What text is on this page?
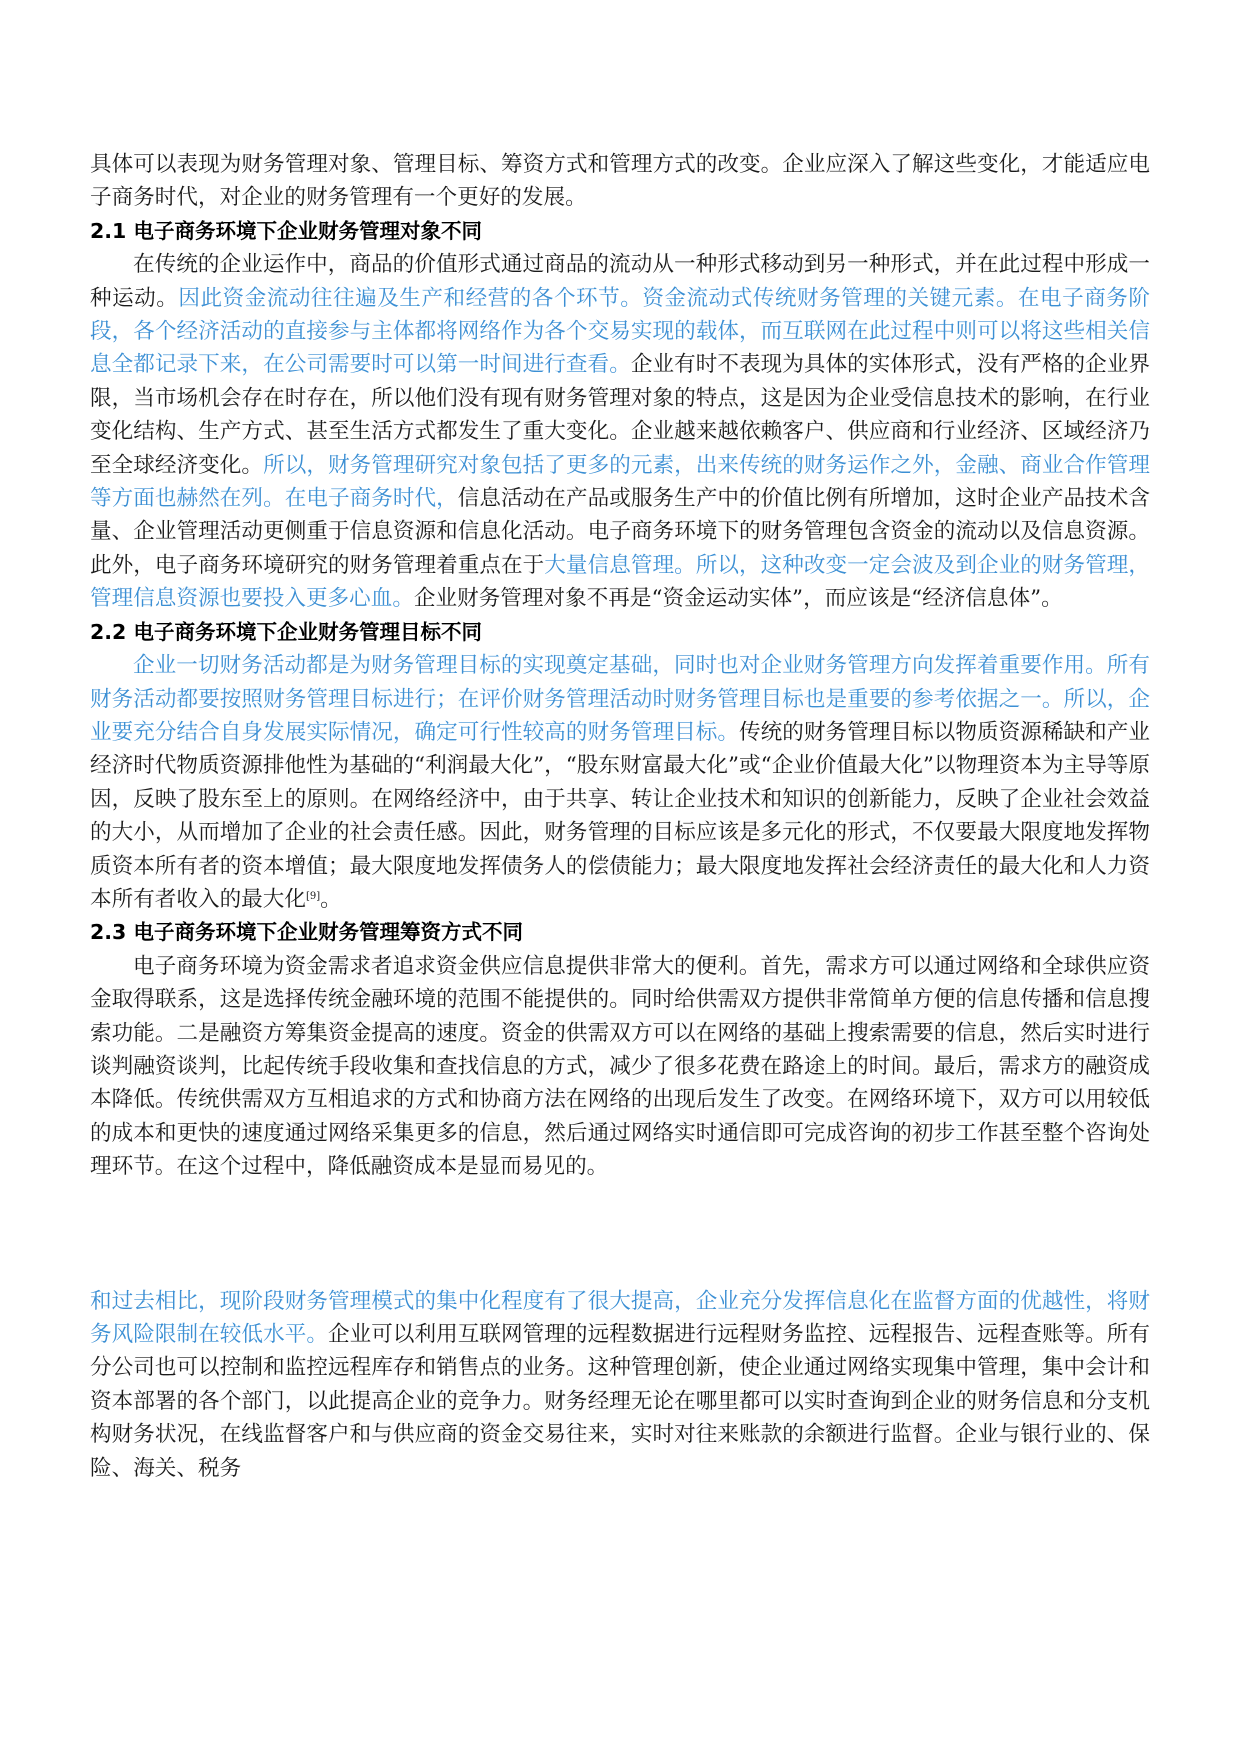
具体可以表现为财务管理对象、管理目标、筹资方式和管理方式的改变。企业应深入了解这些变化，才能适应电子商务时代，对企业的财务管理有一个更好的发展。

2.1 电子商务环境下企业财务管理对象不同

在传统的企业运作中，商品的价值形式通过商品的流动从一种形式移动到另一种形式，并在此过程中形成一种运动。因此资金流动往往遍及生产和经营的各个环节。资金流动式传统财务管理的关键元素。在电子商务阶段，各个经济活动的直接参与主体都将网络作为各个交易实现的载体，而互联网在此过程中则可以将这些相关信息全都记录下来，在公司需要时可以第一时间进行查看。企业有时不表现为具体的实体形式，没有严格的企业界限，当市场机会存在时存在，所以他们没有现有财务管理对象的特点，这是因为企业受信息技术的影响，在行业变化结构、生产方式、甚至生活方式都发生了重大变化。企业越来越依赖客户、供应商和行业经济、区域经济乃至全球经济变化。所以，财务管理研究对象包括了更多的元素，出来传统的财务运作之外，金融、商业合作管理等方面也赫然在列。在电子商务时代，信息活动在产品或服务生产中的价值比例有所增加，这时企业产品技术含量、企业管理活动更侧重于信息资源和信息化活动。电子商务环境下的财务管理包含资金的流动以及信息资源。此外，电子商务环境研究的财务管理着重点在于大量信息管理。所以，这种改变一定会波及到企业的财务管理，管理信息资源也要投入更多心血。企业财务管理对象不再是“资金运动实体”，而应该是“经济信息体”。

2.2 电子商务环境下企业财务管理目标不同

企业一切财务活动都是为财务管理目标的实现奠定基础，同时也对企业财务管理方向发挥着重要作用。所有财务活动都要按照财务管理目标进行；在评价财务管理活动时财务管理目标也是重要的参考依据之一。所以，企业要充分结合自身发展实际情况，确定可行性较高的财务管理目标。传统的财务管理目标以物质资源稀缺和产业经济时代物质资源排他性为基础的“利润最大化”，“股东财富最大化”或“企业价值最大化”以物理资本为主导等原因，反映了股东至上的原则。在网络经济中，由于共享、转让企业技术和知识的创新能力，反映了企业社会效益的大小，从而增加了企业的社会责任感。因此，财务管理的目标应该是多元化的形式，不仅要最大限度地发挥物质资本所有者的资本增值；最大限度地发挥债务人的偿债能力；最大限度地发挥社会经济责任的最大化和人力资本所有者收入的最大化[9]。

2.3 电子商务环境下企业财务管理筹资方式不同

电子商务环境为资金需求者追求资金供应信息提供非常大的便利。首先，需求方可以通过网络和全球供应资金取得联系，这是选择传统金融环境的范围不能提供的。同时给供需双方提供非常简单方便的信息传播和信息搜索功能。二是融资方筹集资金提高的速度。资金的供需双方可以在网络的基础上搜索需要的信息，然后实时进行谈判融资谈判，比起传统手段收集和查找信息的方式，减少了很多花费在路途上的时间。最后，需求方的融资成本降低。传统供需双方互相追求的方式和协商方法在网络的出现后发生了改变。在网络环境下，双方可以用较低的成本和更快的速度通过网络采集更多的信息，然后通过网络实时通信即可完成咨询的初步工作甚至整个咨询处理环节。在这个过程中，降低融资成本是显而易见的。

和过去相比，现阶段财务管理模式的集中化程度有了很大提高，企业充分发挥信息化在监督方面的优越性，将财务风险限制在较低水平。企业可以利用互联网管理的远程数据进行远程财务监控、远程报告、远程查账等。所有分公司也可以控制和监控远程库存和销售点的业务。这种管理创新，使企业通过网络实现集中管理，集中会计和资本部署的各个部门，以此提高企业的竞争力。财务经理无论在哪里都可以实时查询到企业的财务信息和分支机构财务状况，在线监督客户和与供应商的资金交易往来，实时对往来账款的余额进行监督。企业与银行业的、保险、海关、税务
